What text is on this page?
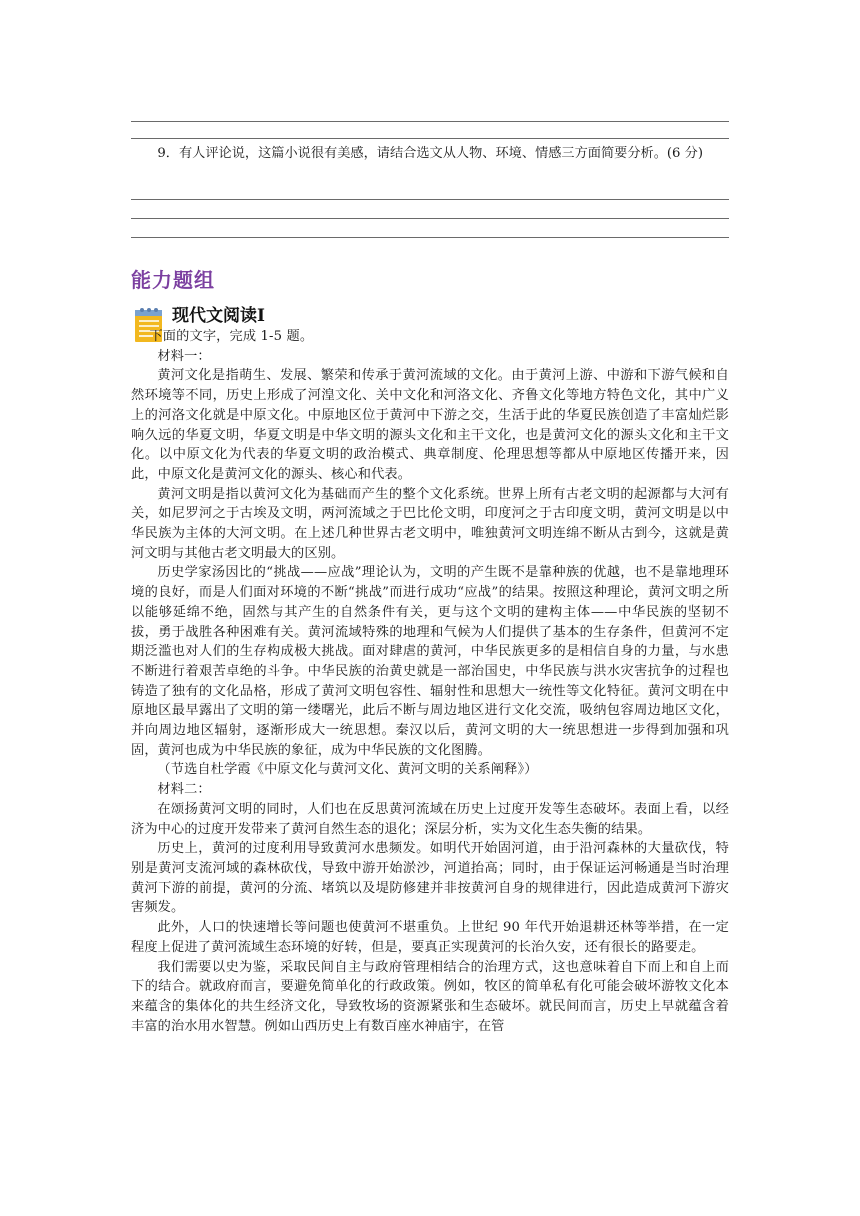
9．有人评论说，这篇小说很有美感，请结合选文从人物、环境、情感三方面简要分析。(6 分)
能力题组
现代文阅读Ⅰ

下面的文字，完成 1-5 题。

材料一：

黄河文化是指萌生、发展、繁荣和传承于黄河流域的文化。由于黄河上游、中游和下游气候和自然环境等不同，历史上形成了河湟文化、关中文化和河洛文化、齐鲁文化等地方特色文化，其中广义上的河洛文化就是中原文化。中原地区位于黄河中下游之交，生活于此的华夏民族创造了丰富灿烂影响久远的华夏文明，华夏文明是中华文明的源头文化和主干文化，也是黄河文化的源头文化和主干文化。以中原文化为代表的华夏文明的政治模式、典章制度、伦理思想等都从中原地区传播开来，因此，中原文化是黄河文化的源头、核心和代表。

黄河文明是指以黄河文化为基础而产生的整个文化系统。世界上所有古老文明的起源都与大河有关，如尼罗河之于古埃及文明，两河流域之于巴比伦文明，印度河之于古印度文明，黄河文明是以中华民族为主体的大河文明。在上述几种世界古老文明中，唯独黄河文明连绵不断从古到今，这就是黄河文明与其他古老文明最大的区别。

历史学家汤因比的“挑战——应战”理论认为，文明的产生既不是靠种族的优越，也不是靠地理环境的良好，而是人们面对环境的不断“挑战”而进行成功“应战”的结果。按照这种理论，黄河文明之所以能够延绵不绝，固然与其产生的自然条件有关，更与这个文明的建构主体——中华民族的坚韧不拔，勇于战胜各种困难有关。黄河流域特殊的地理和气候为人们提供了基本的生存条件，但黄河不定期泛滥也对人们的生存构成极大挑战。面对肆虐的黄河，中华民族更多的是相信自身的力量，与水患不断进行着艰苦卓绝的斗争。中华民族的治黄史就是一部治国史，中华民族与洪水灾害抗争的过程也铸造了独有的文化品格，形成了黄河文明包容性、辐射性和思想大一统性等文化特征。黄河文明在中原地区最早露出了文明的第一缕曙光，此后不断与周边地区进行文化交流，吸纳包容周边地区文化，并向周边地区辐射，逐渐形成大一统思想。秦汉以后，黄河文明的大一统思想进一步得到加强和巩固，黄河也成为中华民族的象征，成为中华民族的文化图腾。

（节选自杜学霞《中原文化与黄河文化、黄河文明的关系阐释》）

材料二：

在颂扬黄河文明的同时，人们也在反思黄河流域在历史上过度开发等生态破坏。表面上看，以经济为中心的过度开发带来了黄河自然生态的退化；深层分析，实为文化生态失衡的结果。

历史上，黄河的过度利用导致黄河水患频发。如明代开始固河道，由于沿河森林的大量砍伐，特别是黄河支流河域的森林砍伐，导致中游开始淤沙，河道抬高；同时，由于保证运河畅通是当时治理黄河下游的前提，黄河的分流、堵筑以及堤防修建并非按黄河自身的规律进行，因此造成黄河下游灾害频发。

此外，人口的快速增长等问题也使黄河不堪重负。上世纪 90 年代开始退耕还林等举措，在一定程度上促进了黄河流域生态环境的好转，但是，要真正实现黄河的长治久安，还有很长的路要走。

我们需要以史为鉴，采取民间自主与政府管理相结合的治理方式，这也意味着自下而上和自上而下的结合。就政府而言，要避免简单化的行政政策。例如，牧区的简单私有化可能会破坏游牧文化本来蕴含的集体化的共生经济文化，导致牧场的资源紧张和生态破坏。就民间而言，历史上早就蕴含着丰富的治水用水智慧。例如山西历史上有数百座水神庙宇，在管
